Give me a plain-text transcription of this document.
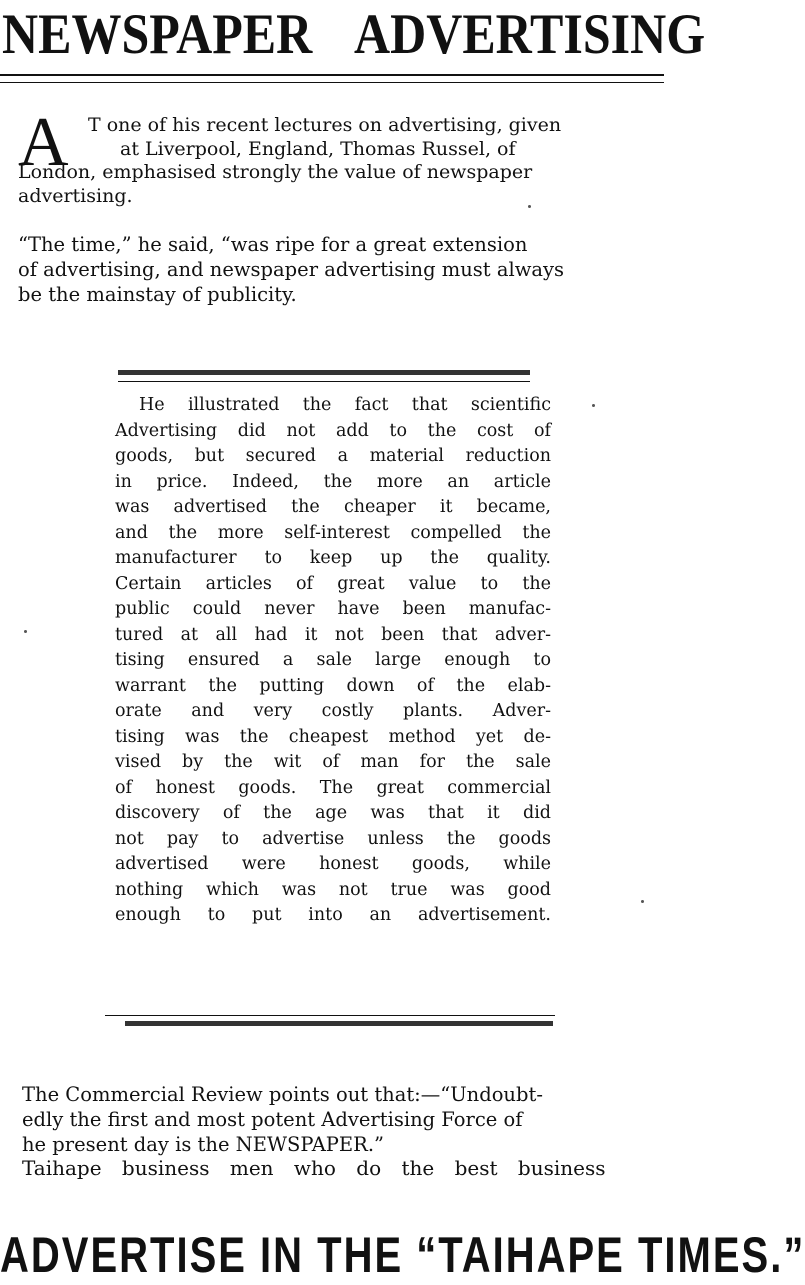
NEWSPAPER ADVERTISING
A	T one of his recent lectures on advertising, given
at Liverpool, England, Thomas Russel, of
London, emphasised strongly the value of newspaper
advertising.
“The time,” he said, “was ripe for a great extension
of advertising, and newspaper advertising must always
be the mainstay of publicity.
He illustrated the fact that scientific
Advertising did not add to the cost of
goods, but secured a material reduction
in price. Indeed, the more an article
was advertised the cheaper it became,
and the more self-interest compelled the
manufacturer to keep up the quality.
Certain articles of great value to the
public could never have been manufac-
tured at all had it not been that adver-
tising ensured a sale large enough to
warrant the putting down of the elab-
orate and very costly plants. Adver-
tising was the cheapest method yet de-
vised by the wit of man for the sale
of honest goods. The great commercial
discovery of the age was that it did
not pay to advertise unless the goods
advertised were honest goods, while
nothing which was not true was good
enough to put into an advertisement.
The Commercial Review points out that:—“Undoubt-
edly the first and most potent Advertising Force of
he present day is the NEWSPAPER.”
Taihape business men who do the best business
ADVERTISE IN THE “TAIHAPE TIMES.”
